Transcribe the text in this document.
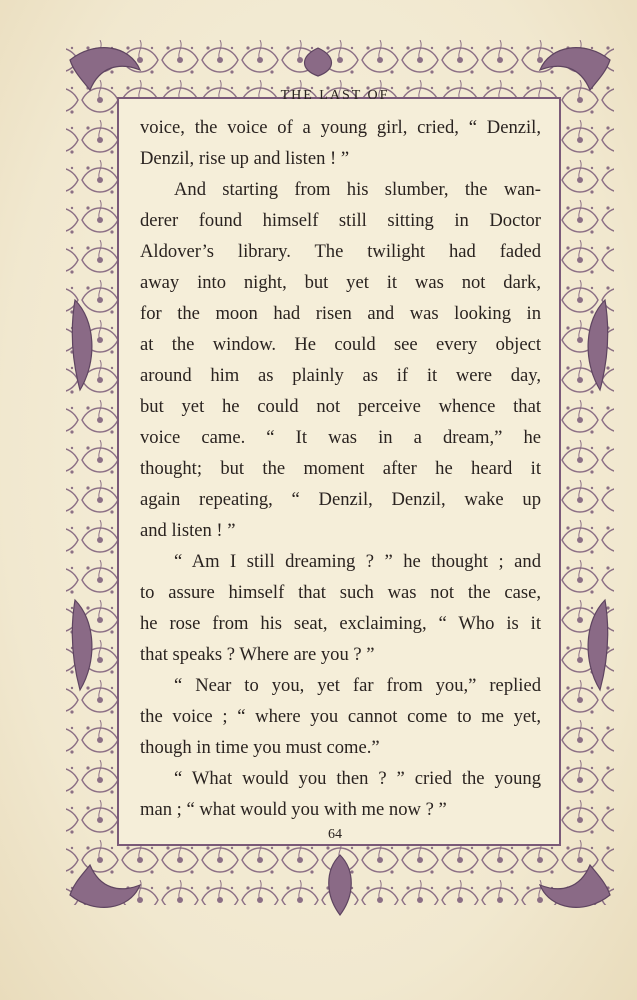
THE LAST OF
voice, the voice of a young girl, cried, “ Denzil,
Denzil, rise up and listen ! ”
And starting from his slumber, the wan-
derer found himself still sitting in Doctor
Aldover’s library. The twilight had faded
away into night, but yet it was not dark,
for the moon had risen and was looking in
at the window. He could see every object
around him as plainly as if it were day,
but yet he could not perceive whence that
voice came. “ It was in a dream,” he
thought; but the moment after he heard it
again repeating, “ Denzil, Denzil, wake up
and listen ! ”
“ Am I still dreaming ? ” he thought ; and
to assure himself that such was not the case,
he rose from his seat, exclaiming, “ Who is it
that speaks ? Where are you ? ”
“ Near to you, yet far from you,” replied
the voice ; “ where you cannot come to me yet,
though in time you must come.”
“ What would you then ? ” cried the young
man ; “ what would you with me now ? ”
64
